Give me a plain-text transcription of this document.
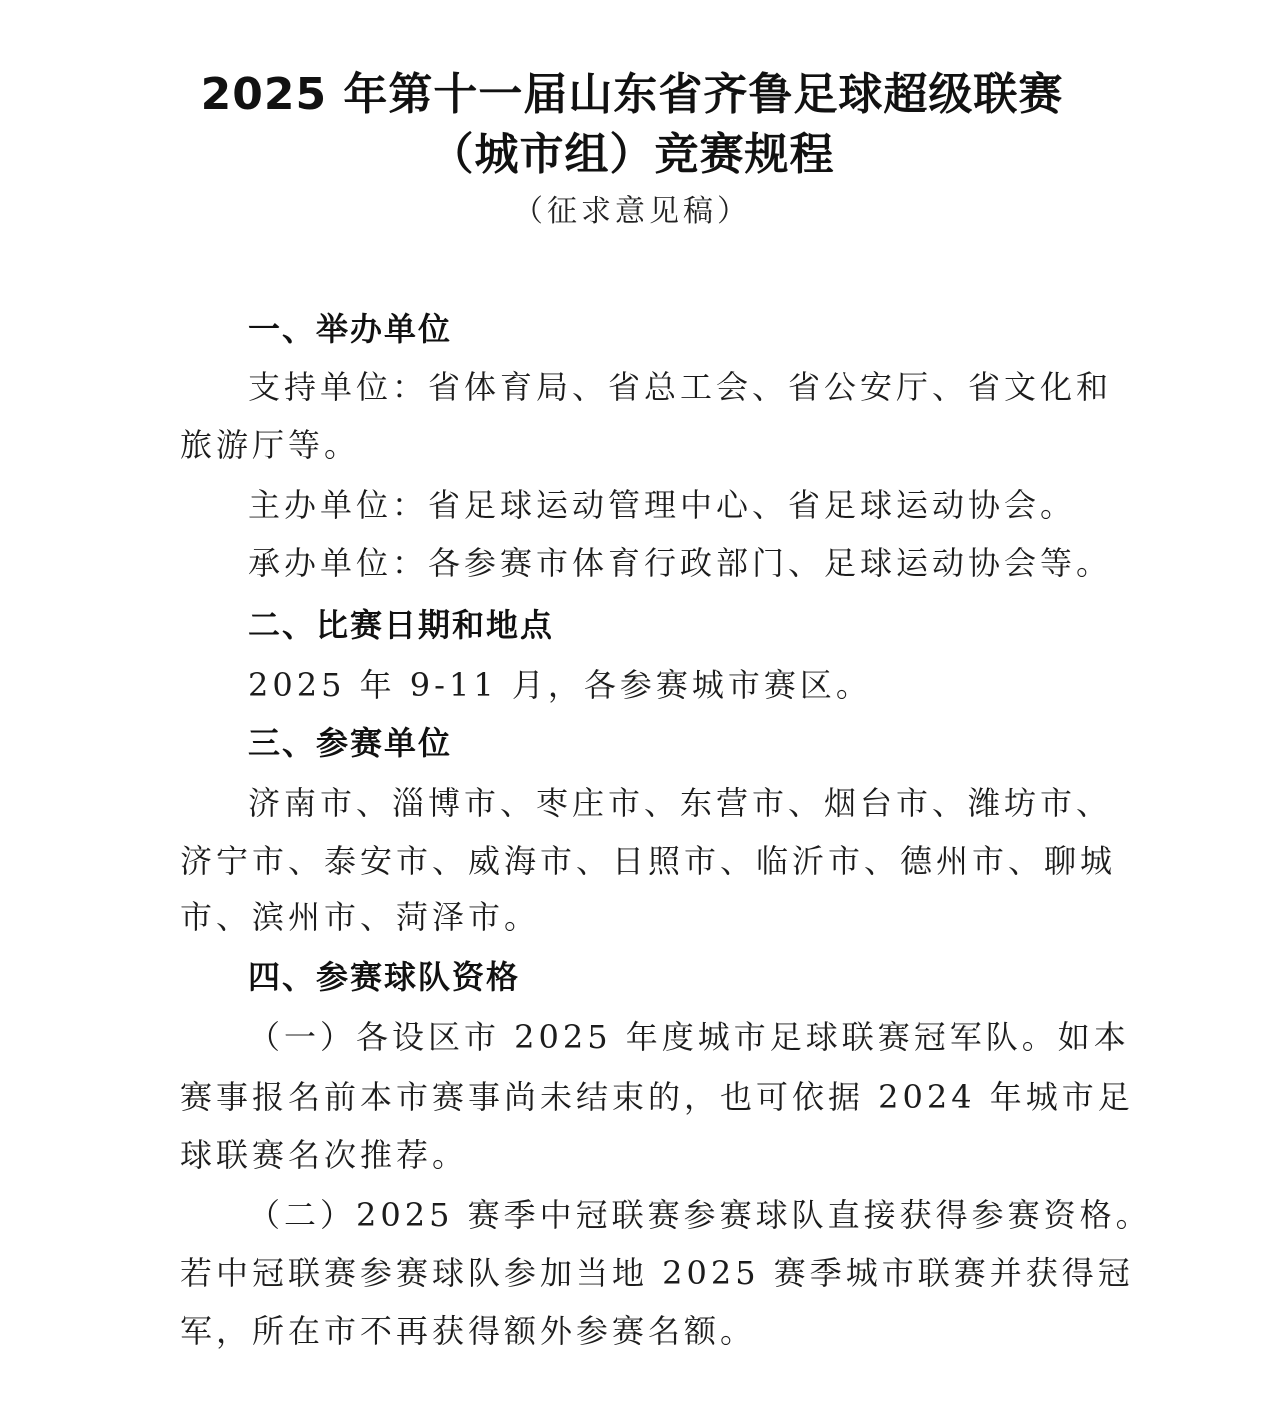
2025 年第十一届山东省齐鲁足球超级联赛
（城市组）竞赛规程
（征求意见稿）
一、举办单位
支持单位：省体育局、省总工会、省公安厅、省文化和
旅游厅等。
主办单位：省足球运动管理中心、省足球运动协会。
承办单位：各参赛市体育行政部门、足球运动协会等。
二、比赛日期和地点
2025 年 9-11 月，各参赛城市赛区。
三、参赛单位
济南市、淄博市、枣庄市、东营市、烟台市、潍坊市、
济宁市、泰安市、威海市、日照市、临沂市、德州市、聊城
市、滨州市、菏泽市。
四、参赛球队资格
（一）各设区市 2025 年度城市足球联赛冠军队。如本
赛事报名前本市赛事尚未结束的，也可依据 2024 年城市足
球联赛名次推荐。
（二）2025 赛季中冠联赛参赛球队直接获得参赛资格。
若中冠联赛参赛球队参加当地 2025 赛季城市联赛并获得冠
军，所在市不再获得额外参赛名额。
